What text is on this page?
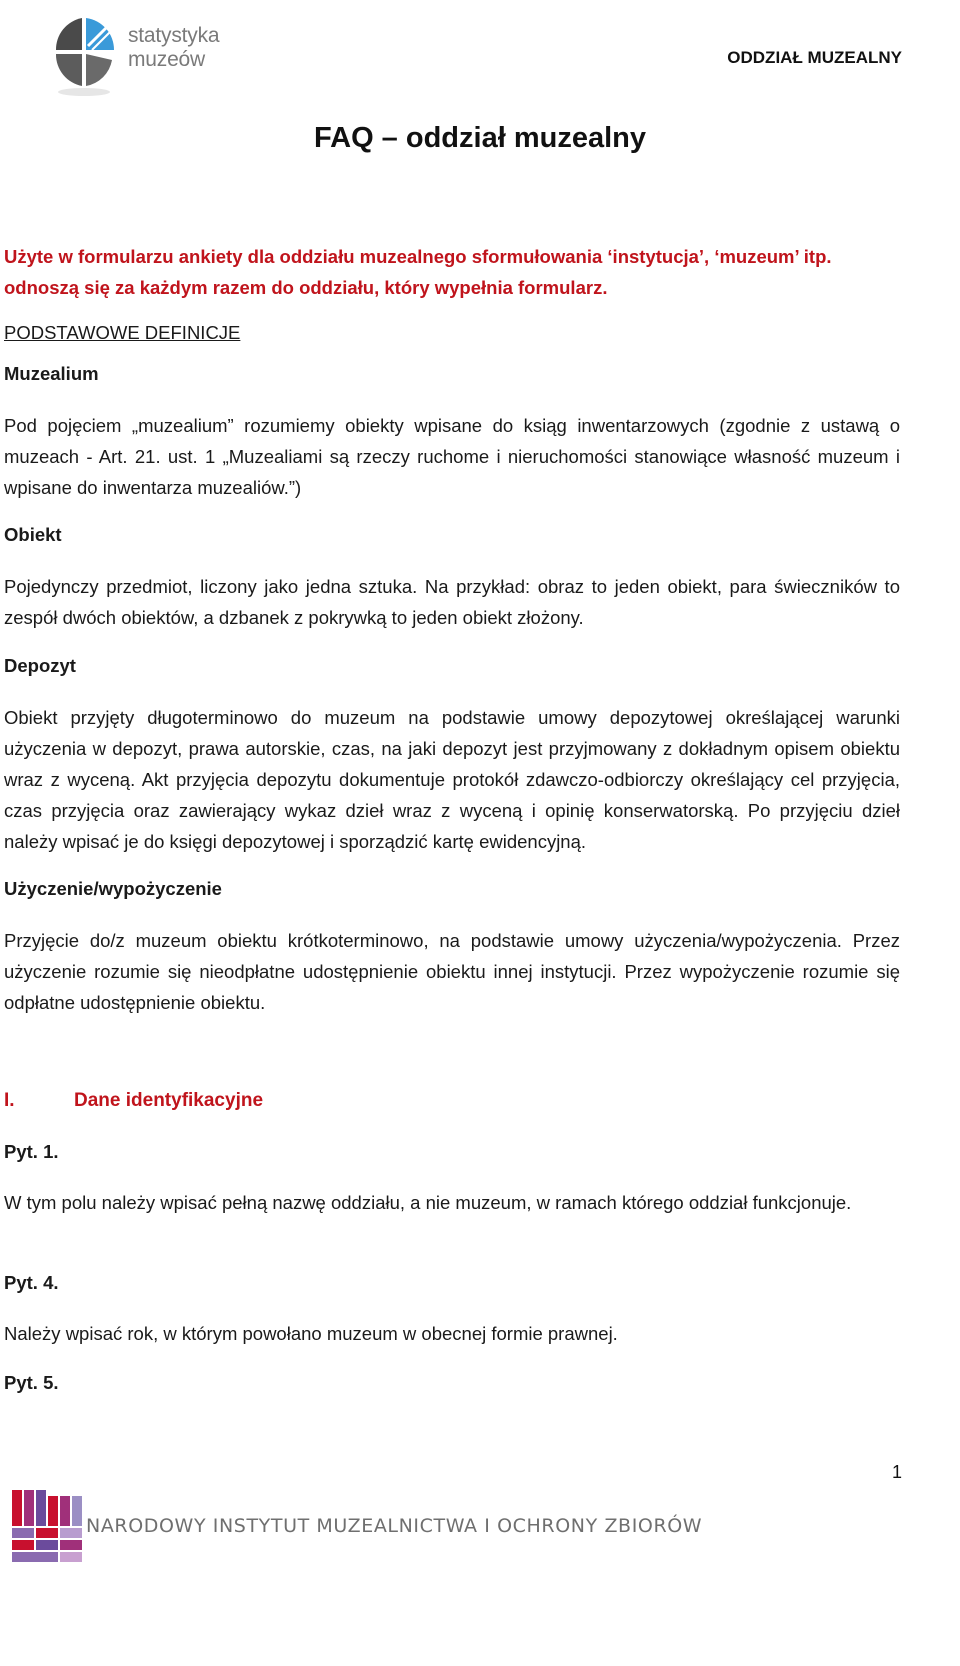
statystyka
muzeów	ODDZIAŁ MUZEALNY
FAQ – oddział muzealny
Użyte w formularzu ankiety dla oddziału muzealnego sformułowania ‘instytucja’, ‘muzeum’ itp. odnoszą się za każdym razem do oddziału, który wypełnia formularz.
PODSTAWOWE DEFINICJE
Muzealium

Pod pojęciem „muzealium” rozumiemy obiekty wpisane do ksiąg inwentarzowych (zgodnie z ustawą o muzeach - Art. 21. ust. 1 „Muzealiami są rzeczy ruchome i nieruchomości stanowiące własność muzeum i wpisane do inwentarza muzealiów.”)

Obiekt

Pojedynczy przedmiot, liczony jako jedna sztuka. Na przykład: obraz to jeden obiekt, para świeczników to zespół dwóch obiektów, a dzbanek z pokrywką to jeden obiekt złożony.

Depozyt

Obiekt przyjęty długoterminowo do muzeum na podstawie umowy depozytowej określającej warunki użyczenia w depozyt, prawa autorskie, czas, na jaki depozyt jest przyjmowany z dokładnym opisem obiektu wraz z wyceną. Akt przyjęcia depozytu dokumentuje protokół zdawczo-odbiorczy określający cel przyjęcia, czas przyjęcia oraz zawierający wykaz dzieł wraz z wyceną i opinię konserwatorską. Po przyjęciu dzieł należy wpisać je do księgi depozytowej i sporządzić kartę ewidencyjną.

Użyczenie/wypożyczenie

Przyjęcie do/z muzeum obiektu krótkoterminowo, na podstawie umowy użyczenia/wypożyczenia. Przez użyczenie rozumie się nieodpłatne udostępnienie obiektu innej instytucji. Przez wypożyczenie rozumie się odpłatne udostępnienie obiektu.

I.	Dane identyfikacyjne
Pyt. 1.

W tym polu należy wpisać pełną nazwę oddziału, a nie muzeum, w ramach którego oddział funkcjonuje.

Pyt. 4.

Należy wpisać rok, w którym powołano muzeum w obecnej formie prawnej.

Pyt. 5.
1
NARODOWY INSTYTUT MUZEALNICTWA I OCHRONY ZBIORÓW
